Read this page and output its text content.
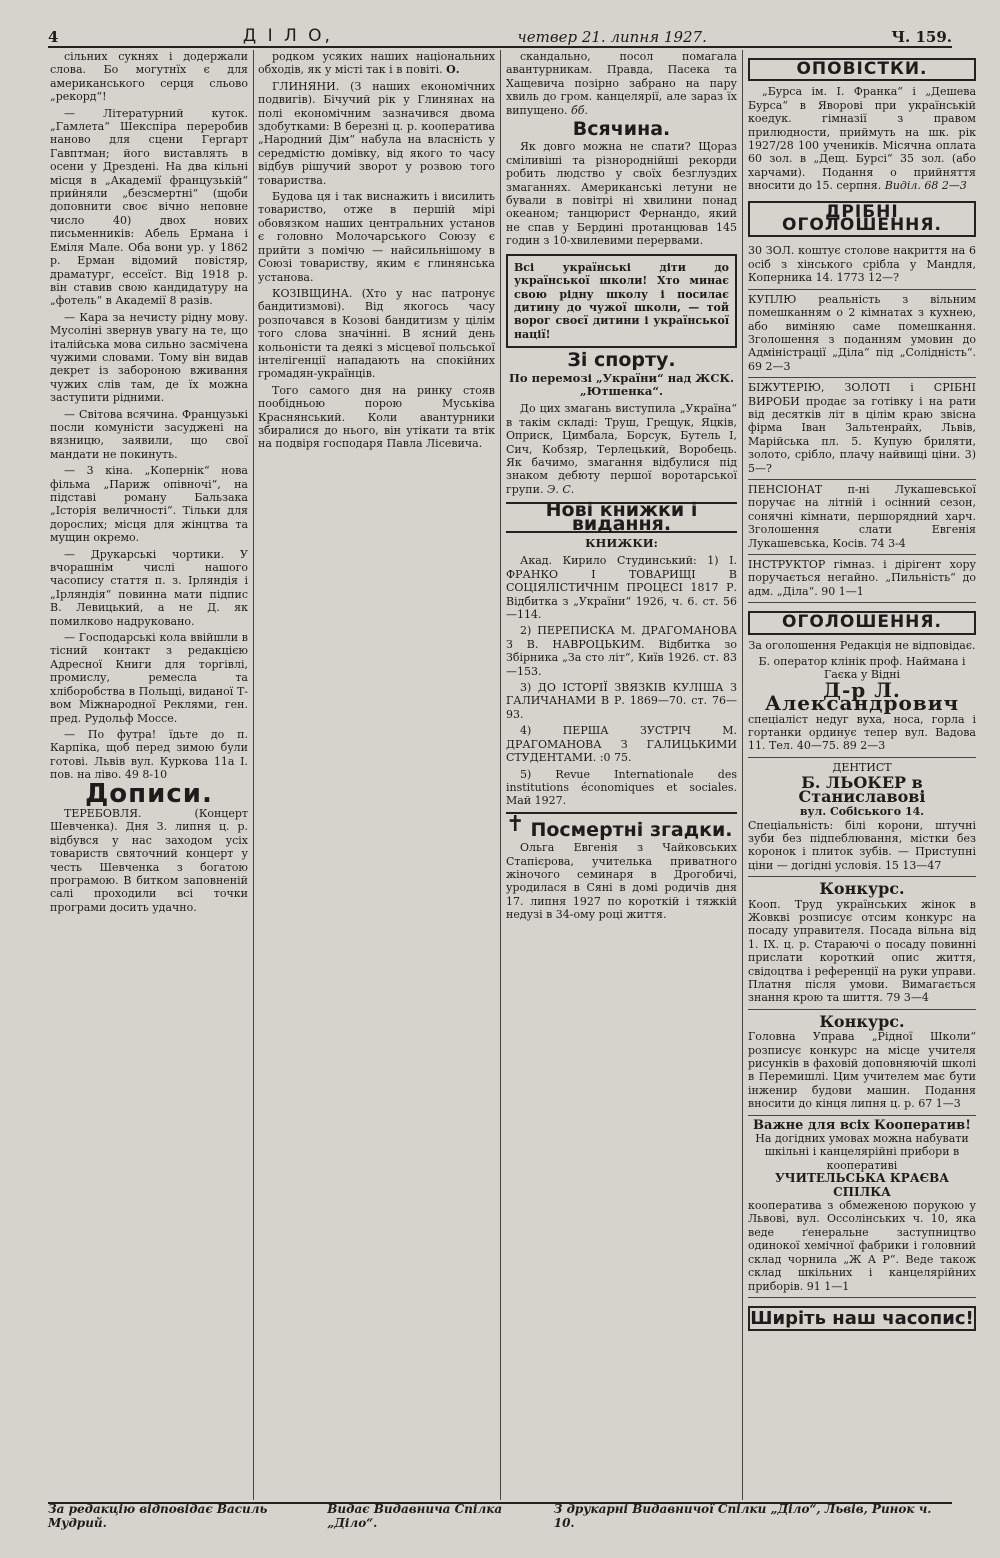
4	Д І Л О,	четвер 21. липня 1927.	Ч. 159.

сільних сукнях і додержали слова. Бо могутнїх є для американського серця сльово „рекорд“!

— Літературний куток. „Гамлета“ Шекспіра переробив наново для сцени Гергарт Гавптман; його виставлять в осени у Дрездені. На два кільні місця в „Академії французькій“ прийняли „безсмертні“ (щоби доповнити своє вічно неповне число 40) двох нових письменників: Абель Ермана і Еміля Мале. Оба вони ур. у 1862 р. Ерман відомий повістяр, драматург, ессеїст. Від 1918 р. він ставив свою кандидатуру на „фотель“ в Академії 8 разів.

— Кара за нечисту рідну мову. Мусоліні звернув увагу на те, що італійська мова сильно засмічена чужими словами. Тому він видав декрет із забороною вживання чужих слів там, де їх можна заступити рідними.

— Світова всячина. Французькі посли комуністи засуджені на вязницю, заявили, що свої мандати не покинуть.

— 3 кіна. „Копернік“ нова фільма „Париж опівночі“, на підставі роману Бальзака „Історія величності“. Тільки для дорослих; місця для жінцтва та мущин окремо.

— Друкарські чортики. У вчорашнім числі нашого часопису стаття п. з. Ірляндія і „Ірляндія“ повинна мати підпис В. Левицький, а не Д. як помилково надруковано.

— Господарські кола ввійшли в тісний контакт з редакцією Адресної Книги для торгівлі, промислу, ремесла та хліборобства в Польщі, виданої Т-вом Міжнародної Реклями, ген. пред. Рудольф Моссе.

— По футра! їдьте до п. Карпіка, щоб перед зимою були готові. Львів вул. Куркова 11а І. пов. на ліво. 49 8-10

Дописи.

ТЕРЕБОВЛЯ. (Концерт Шевченка). Дня 3. липня ц. р. відбувся у нас заходом усіх товариств святочний концерт у честь Шевченка з богатою програмою. В битком заповненій салі проходили всі точки програми досить удачно.

родком усяких наших національних обходів, як у місті так і в повіті. О.

ГЛИНЯНИ. (З наших економічних подвигів). Бічучий рік у Глинянах на полі економічним зазначився двома здобутками: В березні ц. р. кооператива „Народний Дім“ набула на власність у середмістю домівку, від якого то часу відбув рішучий зворот у розвою того товариства.

Будова ця і так виснажить і висилить товариство, отже в першій мірі обовязком наших центральних установ є головно Молочарського Союзу є прийти з помічю — найсильнішому в Союзі товариству, яким є глинянська установа.

КОЗІВЩИНА. (Хто у нас патронує бандитизмові). Від якогось часу розпочався в Козові бандитизм у цілім того слова значінні. В ясний день кольоністи та деякі з місцевої польської інтелігенції нападають на спокійних громадян-українців.

Того самого дня на ринку стояв пообідньою порою Муськіва Краснянський. Коли авантурники збиралися до нього, він утікати та втік на подвіря господаря Павла Лісевича.

скандально, посол помагала авантурникам. Правда, Пасека та Хащевича позірно забрано на пару хвиль до гром. канцелярії, але зараз їх випущено. бб.

Всячина.

Як довго можна не спати? Щораз сміливіші та різнороднійші рекорди робить людство у своїх безглуздих змаганнях. Американські летуни не бували в повітрі ні хвилини понад океаном; танцюрист Фернандо, який не спав у Бердині протанцював 145 годин з 10-хвилевими перервами.

Всі українські діти до української школи! Хто минає свою рідну школу і посилає дитину до чужої школи, — той ворог своєї дитини і української нації!
Зі спорту.
По перемозі „України“ над ЖСК. „Ютшенка“.

До цих змагань виступила „Україна“ в такім складі: Труш, Грещук, Яцків, Оприск, Цимбала, Борсук, Бутель І, Сич, Кобзяр, Терлецький, Воробець. Як бачимо, змагання відбулися під знаком дебюту першої воротарської групи. Э. С.

Нові книжки і видання.
КНИЖКИ:

Акад. Кирило Студинський: 1) І. ФРАНКО І ТОВАРИЩІ В СОЦІЯЛІСТИЧНІМ ПРОЦЕСІ 1817 Р. Відбитка з „України“ 1926, ч. 6. ст. 56—114.

2) ПЕРЕПИСКА М. ДРАГОМАНОВА З В. НАВРОЦЬКИМ. Відбитка зо Збірника „За сто літ“, Київ 1926. ст. 83—153.

3) ДО ІСТОРІЇ ЗВЯЗКІВ КУЛІША З ГАЛИЧАНАМИ В Р. 1869—70. ст. 76—93.

4) ПЕРША ЗУСТРІЧ М. ДРАГОМАНОВА З ГАЛИЦЬКИМИ СТУДЕНТАМИ. :0 75.

5) Revue Internationale des institutions économiques et sociales. Май 1927.

✝ Посмертні згадки.

Ольга Евгенія з Чайковських Стапієрова, учителька приватного жіночого семинаря в Дрогобичі, уродилася в Сяні в домі родичів дня 17. липня 1927 по короткій і тяжкій недузі в 34-ому році життя.

ОПОВІСТКИ.

„Бурса ім. І. Франка“ і „Дешева Бурса“ в Яворові при українській коедук. гімназії з правом прилюдности, приймуть на шк. рік 1927/28 100 учеників. Місячна оплата 60 зол. в „Дещ. Бурсі“ 35 зол. (або харчами). Подання о прийняття вносити до 15. серпня. Виділ. 68 2—3

ДРІБНІ ОГОЛОШЕННЯ.
30 ЗОЛ. коштує столове накриття на 6 осіб з хінського срібла у Мандля, Коперника 14. 1773 12—?
КУПЛЮ реальність з вільним помешканням о 2 кімнатах з кухнею, або виміняю саме помешкання. Зголошення з поданням умовин до Адміністрації „Діла“ під „Солідність“. 69 2—3
БІЖУТЕРІЮ, ЗОЛОТІ і СРІБНІ ВИРОБИ продає за готівку і на рати від десятків літ в цілім краю звісна фірма Іван Зальтенрайх, Львів, Марійська пл. 5. Купую бриляти, золото, срібло, плачу найвищі ціни. 3) 5—?
ПЕНСІОНАТ п-ні Лукашевської поручає на літній і осінний сезон, сонячні кімнати, першорядний харч. Зголошення слати Евгенія Лукашевська, Косів. 74 3-4
ІНСТРУКТОР гімназ. і дірігент хору поручається негайно. „Пильність“ до адм. „Діла“. 90 1—1
ОГОЛОШЕННЯ.
За оголошення Редакція не відповідає.
Б. оператор клінік проф. Наймана і Гаєка у Відні
Д-р Л. Александрович
спеціаліст недуг вуха, носа, горла і гортанки ординує тепер вул. Вадова 11. Тел. 40—75. 89 2—3
ДЕНТИСТ
Б. ЛЬОКЕР в Станиславові
вул. Собіського 14.
Спеціальність: білі корони, штучні зуби без підпеблювання, містки без коронок і плиток зубів. — Приступні ціни — догідні условія. 15 13—47
Конкурс.
Кооп. Труд українських жінок в Жовкві розписує отсим конкурс на посаду управителя. Посада вільна від 1. IX. ц. р. Стараючі о посаду повинні прислати короткий опис життя, свідоцтва і референції на руки управи. Платня після умови. Вимагається знання крою та шиття. 79 3—4
Конкурс.
Головна Управа „Рідної Школи“ розписує конкурс на місце учителя рисунків в фаховій доповняючій школі в Перемишлі. Цим учителем має бути інженир будови машин. Подання вносити до кінця липня ц. р. 67 1—3
Важне для всіх Кооператив!
На догідних умовах можна набувати шкільні і канцелярійні прибори в кооперативі
УЧИТЕЛЬСЬКА КРАЄВА СПІЛКА
кооператива з обмеженою порукою у Львові, вул. Оссолінських ч. 10, яка веде ґенеральне заступництво одинокої хемічної фабрики і головний склад чорнила „Ж А Р“. Веде також склад шкільних і канцелярійних приборів. 91 1—1
Ширіть наш часопис!
За редакцію відповідає Василь Мудрий.
Видає Видавнича Спілка „Діло“.
З друкарні Видавничої Спілки „Діло“, Львів, Ринок ч. 10.
